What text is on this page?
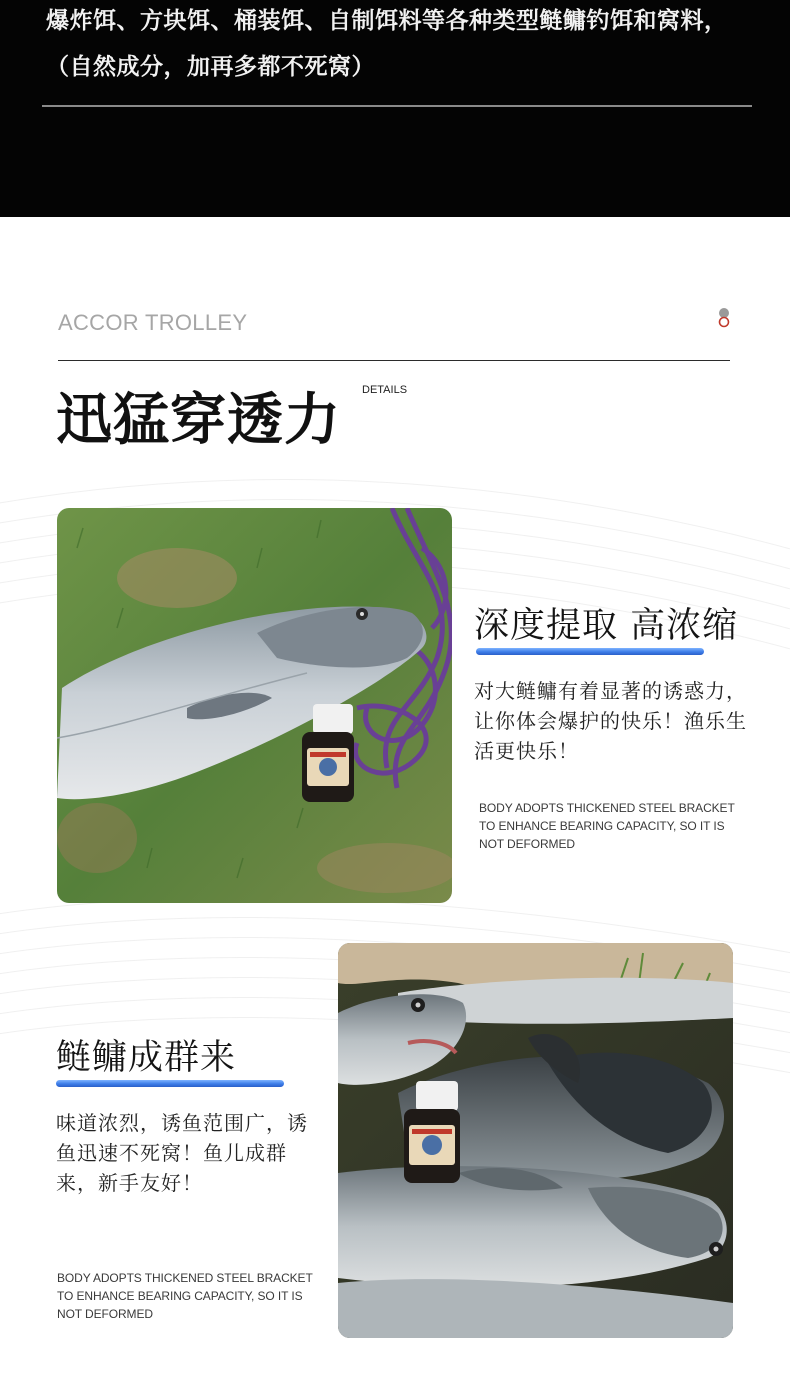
爆炸饵、方块饵、桶装饵、自制饵料等各种类型鲢鳙钓饵和窝料，
（自然成分，加再多都不死窝）
ACCOR TROLLEY
迅猛穿透力 DETAILS
深度提取 高浓缩
对大鲢鳙有着显著的诱惑力，让你体会爆护的快乐！渔乐生活更快乐！
BODY ADOPTS THICKENED STEEL BRACKET TO ENHANCE BEARING CAPACITY, SO IT IS NOT DEFORMED
鲢鳙成群来
味道浓烈，诱鱼范围广，诱鱼迅速不死窝！鱼儿成群来，新手友好！
BODY ADOPTS THICKENED STEEL BRACKET TO ENHANCE BEARING CAPACITY, SO IT IS NOT DEFORMED
